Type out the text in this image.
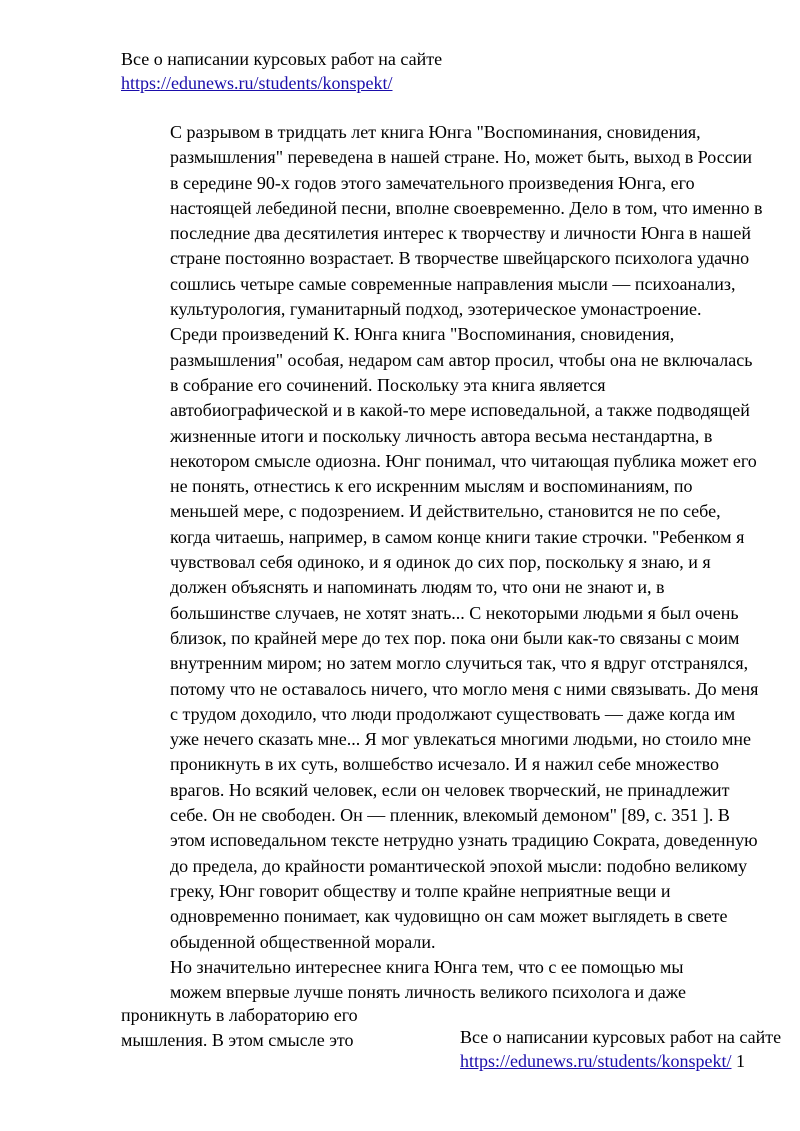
Все о написании курсовых работ на сайте
https://edunews.ru/students/konspekt/

С разрывом в тридцать лет книга Юнга "Воспоминания, сновидения,
размышления" переведена в нашей стране. Но, может быть, выход в России
в середине 90-х годов этого замечательного произведения Юнга, его
настоящей лебединой песни, вполне своевременно. Дело в том, что именно в
последние два десятилетия интерес к творчеству и личности Юнга в нашей
стране постоянно возрастает. В творчестве швейцарского психолога удачно
сошлись четыре самые современные направления мысли — психоанализ,
культурология, гуманитарный подход, эзотерическое умонастроение.

Среди произведений К. Юнга книга "Воспоминания, сновидения,
размышления" особая, недаром сам автор просил, чтобы она не включалась
в собрание его сочинений. Поскольку эта книга является
автобиографической и в какой-то мере исповедальной, а также подводящей
жизненные итоги и поскольку личность автора весьма нестандартна, в
некотором смысле одиозна. Юнг понимал, что читающая публика может его
не понять, отнестись к его искренним мыслям и воспоминаниям, по
меньшей мере, с подозрением. И действительно, становится не по себе,
когда читаешь, например, в самом конце книги такие строчки. "Ребенком я
чувствовал себя одиноко, и я одинок до сих пор, поскольку я знаю, и я
должен объяснять и напоминать людям то, что они не знают и, в
большинстве случаев, не хотят знать... С некоторыми людьми я был очень
близок, по крайней мере до тех пор. пока они были как-то связаны с моим
внутренним миром; но затем могло случиться так, что я вдруг отстранялся,
потому что не оставалось ничего, что могло меня с ними связывать. До меня
с трудом доходило, что люди продолжают существовать — даже когда им
уже нечего сказать мне... Я мог увлекаться многими людьми, но стоило мне
проникнуть в их суть, волшебство исчезало. И я нажил себе множество
врагов. Но всякий человек, если он человек творческий, не принадлежит
себе. Он не свободен. Он — пленник, влекомый демоном" [89, с. 351 ]. В
этом исповедальном тексте нетрудно узнать традицию Сократа, доведенную
до предела, до крайности романтической эпохой мысли: подобно великому
греку, Юнг говорит обществу и толпе крайне неприятные вещи и
одновременно понимает, как чудовищно он сам может выглядеть в свете
обыденной общественной морали.

Но значительно интереснее книга Юнга тем, что с ее помощью мы
можем впервые лучше понять личность великого психолога и даже

проникнуть в лабораторию его
мышления. В этом смысле это	Все о написании курсовых работ на сайте
https://edunews.ru/students/konspekt/ 1
